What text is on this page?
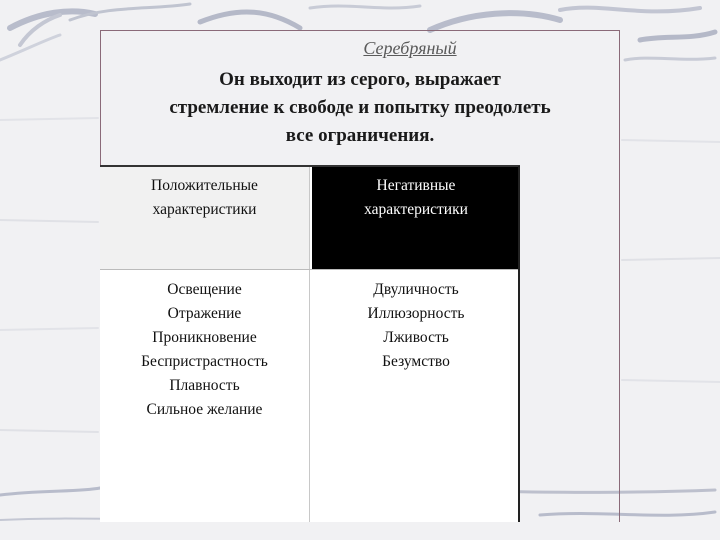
Серебряный
Он выходит из серого, выражает
стремление к свободе и попытку преодолеть
все ограничения.
Положительные
характеристики
Негативные
характеристики
Освещение
Отражение
Проникновение
Беспристрастность
Плавность
Сильное желание
Двуличность
Иллюзорность
Лживость
Безумство
